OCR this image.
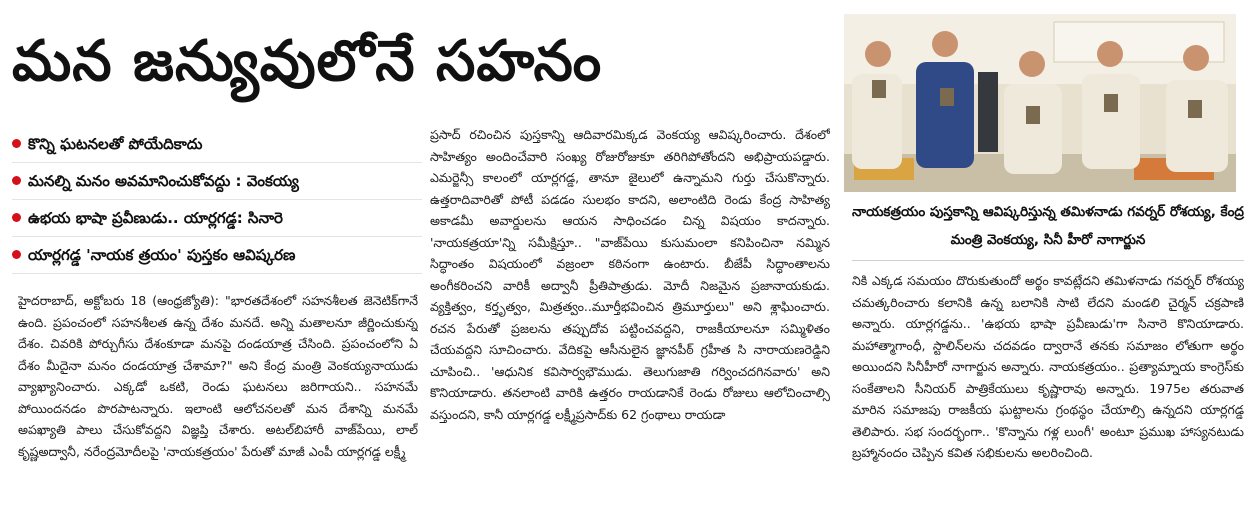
మన జన్యువులోనే సహనం
కొన్ని ఘటనలతో పోయేదికాదు
మనల్ని మనం అవమానించుకోవద్దు : వెంకయ్య
ఉభయ భాషా ప్రవీణుడు.. యార్లగడ్డ: సినారె
యార్లగడ్డ 'నాయక త్రయం' పుస్తకం ఆవిష్కరణ

హైదరాబాద్, అక్టోబరు 18 (ఆంధ్రజ్యోతి): "భారతదేశంలో సహనశీలత జెనెటిక్‌గానే ఉంది. ప్రపంచంలో సహనశీలత ఉన్న దేశం మనదే. అన్ని మతాలనూ జీర్ణించుకున్న దేశం. చివరికి పోర్చుగీసు దేశంకూడా మనపై దండయాత్ర చేసింది. ప్రపంచంలోని ఏ దేశం మీదైనా మనం దండయాత్ర చేశామా?" అని కేంద్ర మంత్రి వెంకయ్యనాయుడు వ్యాఖ్యానించారు. ఎక్కడో ఒకటి, రెండు ఘటనలు జరిగాయని.. సహనమే పోయిందనడం పొరపాటన్నారు. ఇలాంటి ఆలోచనలతో మన దేశాన్ని మనమే అపఖ్యాతి పాలు చేసుకోవద్దని విజ్ఞప్తి చేశారు. అటల్‌బిహారీ వాజ్‌పేయి, లాల్ కృష్ణఅద్వానీ, నరేంద్రమోదీలపై 'నాయకత్రయం' పేరుతో మాజీ ఎంపీ యార్లగడ్డ లక్ష్మీ

ప్రసాద్ రచించిన పుస్తకాన్ని ఆదివారమిక్కడ వెంకయ్య ఆవిష్కరించారు. దేశంలో సాహిత్యం అందించేవారి సంఖ్య రోజురోజుకూ తరిగిపోతోందని అభిప్రాయపడ్డారు. ఎమర్జెన్సీ కాలంలో యార్లగడ్డ, తానూ జైలులో ఉన్నామని గుర్తు చేసుకొన్నారు. ఉత్తరాదివారితో పోటీ పడడం సులభం కాదని, అలాంటిది రెండు కేంద్ర సాహిత్య అకాడమీ అవార్డులను ఆయన సాధించడం చిన్న విషయం కాదన్నారు. 'నాయకత్రయా'న్ని సమీక్షిస్తూ.. "వాజ్‌పేయి కుసుమంలా కనిపించినా నమ్మిన సిద్ధాంతం విషయంలో వజ్రంలా కఠినంగా ఉంటారు. బీజేపీ సిద్ధాంతాలను అంగీకరించని వారికీ అద్వానీ ప్రీతిపాత్రుడు. మోదీ నిజమైన ప్రజానాయకుడు. వ్యక్తిత్వం, కర్తృత్వం, మిత్రత్వం..మూర్తీభవించిన త్రిమూర్తులు" అని శ్లాఘించారు. రచన పేరుతో ప్రజలను తప్పుదోవ పట్టించవద్దని, రాజకీయాలనూ సమ్మిళితం చేయవద్దని సూచించారు. వేదికపై ఆసీనులైన జ్ఞానపీఠ్ గ్రహీత సి నారాయణరెడ్డిని చూపించి.. 'ఆధునిక కవిసార్వభౌముడు. తెలుగుజాతి గర్వించదగినవారు' అని కొనియాడారు. తనలాంటి వారికి ఉత్తరం రాయడానికే రెండు రోజులు ఆలోచించాల్సి వస్తుందని, కానీ యార్లగడ్డ లక్ష్మీప్రసాద్‌కు 62 గ్రంథాలు రాయడా

నాయకత్రయం పుస్తకాన్ని ఆవిష్కరిస్తున్న తమిళనాడు గవర్నర్ రోశయ్య, కేంద్ర మంత్రి వెంకయ్య, సినీ హీరో నాగార్జున

నికి ఎక్కడ సమయం దొరుకుతుందో అర్థం కావట్లేదని తమిళనాడు గవర్నర్ రోశయ్య చమత్కరించారు కలానికి ఉన్న బలానికి సాటి లేదని మండలి చైర్మన్ చక్రపాణి అన్నారు. యార్లగడ్డను.. 'ఉభయ భాషా ప్రవీణుడు'గా సినారె కొనియాడారు. మహాత్మాగాంధీ, స్టాలిన్‌లను చదవడం ద్వారానే తనకు సమాజం లోతుగా అర్థం అయిందని సినీహీరో నాగార్జున అన్నారు. నాయకత్రయం.. ప్రత్యామ్నాయ కాంగ్రెస్‌కు సంకేతాలని సీనియర్ పాత్రికేయులు కృష్ణారావు అన్నారు. 1975ల తరువాత మారిన సమాజపు రాజకీయ ఘట్టాలను గ్రంథస్థం చేయాల్సి ఉన్నదని యార్లగడ్డ తెలిపారు. సభ సందర్భంగా.. 'కొన్నాను గళ్ల లుంగీ' అంటూ ప్రముఖ హాస్యనటుడు బ్రహ్మానందం చెప్పిన కవిత సభికులను అలరించింది.
